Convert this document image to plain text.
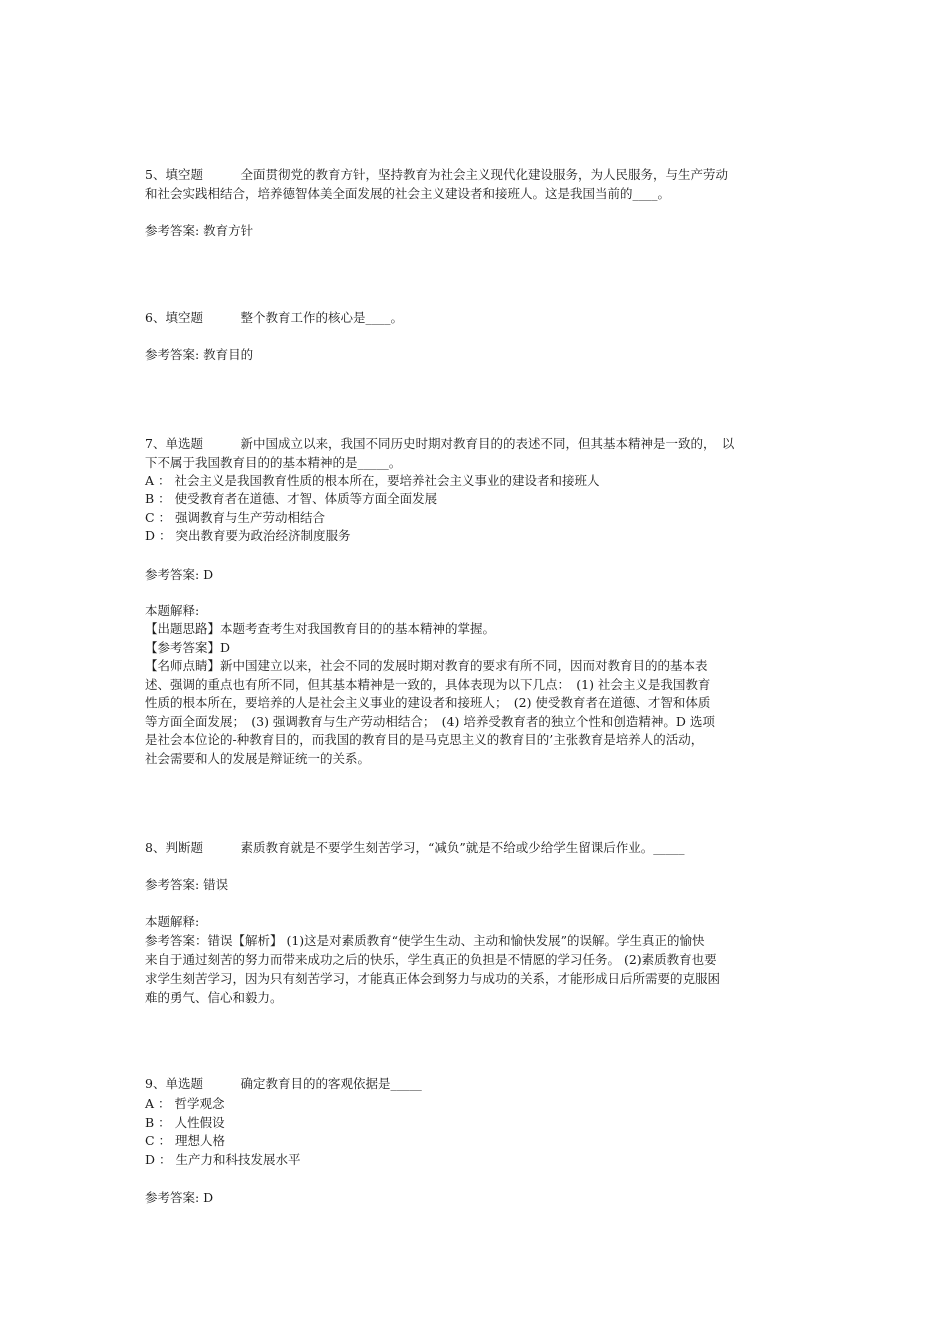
5、填空题　　　全面贯彻党的教育方针，坚持教育为社会主义现代化建设服务，为人民服务，与生产劳动
和社会实践相结合，培养德智体美全面发展的社会主义建设者和接班人。这是我国当前的____。
参考答案: 教育方针
6、填空题　　　整个教育工作的核心是____。
参考答案: 教育目的
7、单选题　　　新中国成立以来，我国不同历史时期对教育目的的表述不同，但其基本精神是一致的，　以
下不属于我国教育目的的基本精神的是_____。
A ： 社会主义是我国教育性质的根本所在，要培养社会主义事业的建设者和接班人
B ： 使受教育者在道德、才智、体质等方面全面发展
C ： 强调教育与生产劳动相结合
D ： 突出教育要为政治经济制度服务
参考答案: D
本题解释:
【出题思路】本题考查考生对我国教育目的的基本精神的掌握。
【参考答案】D
【名师点睛】新中国建立以来，社会不同的发展时期对教育的要求有所不同，因而对教育目的的基本表
述、强调的重点也有所不同，但其基本精神是一致的，具体表现为以下几点：　(1) 社会主义是我国教育
性质的根本所在，要培养的人是社会主义事业的建设者和接班人；　(2) 使受教育者在道德、才智和体质
等方面全面发展；　(3) 强调教育与生产劳动相结合；　(4) 培养受教育者的独立个性和创造精神。D 选项
是社会本位论的-种教育目的，而我国的教育目的是马克思主义的教育目的’主张教育是培养人的活动，
社会需要和人的发展是辩证统一的关系。
8、判断题　　　素质教育就是不要学生刻苦学习，“减负”就是不给或少给学生留课后作业。_____
参考答案: 错误
本题解释:
参考答案：错误【解析】 (1)这是对素质教育“使学生生动、主动和愉快发展”的误解。学生真正的愉快
来自于通过刻苦的努力而带来成功之后的快乐，学生真正的负担是不情愿的学习任务。 (2)素质教育也要
求学生刻苦学习，因为只有刻苦学习，才能真正体会到努力与成功的关系，才能形成日后所需要的克服困
难的勇气、信心和毅力。
9、单选题　　　确定教育目的的客观依据是_____
A ： 哲学观念
B ： 人性假设
C ： 理想人格
D ： 生产力和科技发展水平
参考答案: D
